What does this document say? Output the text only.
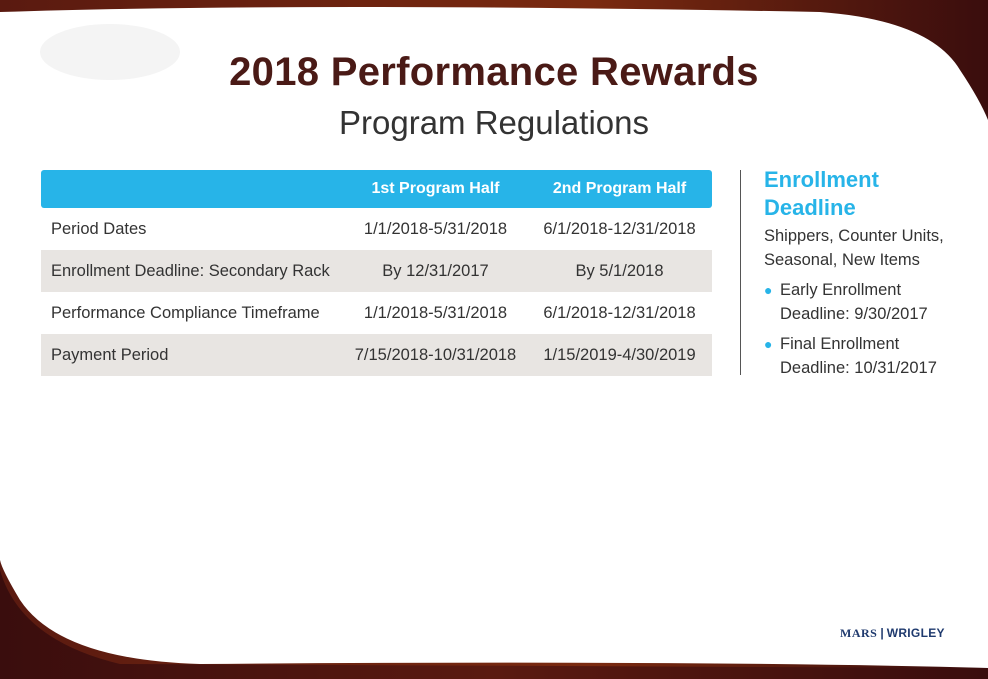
2018 Performance Rewards
Program Regulations
	1st Program Half	2nd Program Half
Period Dates	1/1/2018-5/31/2018	6/1/2018-12/31/2018
Enrollment Deadline: Secondary Rack	By 12/31/2017	By 5/1/2018
Performance Compliance Timeframe	1/1/2018-5/31/2018	6/1/2018-12/31/2018
Payment Period	7/15/2018-10/31/2018	1/15/2019-4/30/2019
Enrollment
Deadline
Shippers, Counter Units,
Seasonal, New Items
● Early Enrollment
Deadline: 9/30/2017
● Final Enrollment
Deadline: 10/31/2017
MARS | WRIGLEY
